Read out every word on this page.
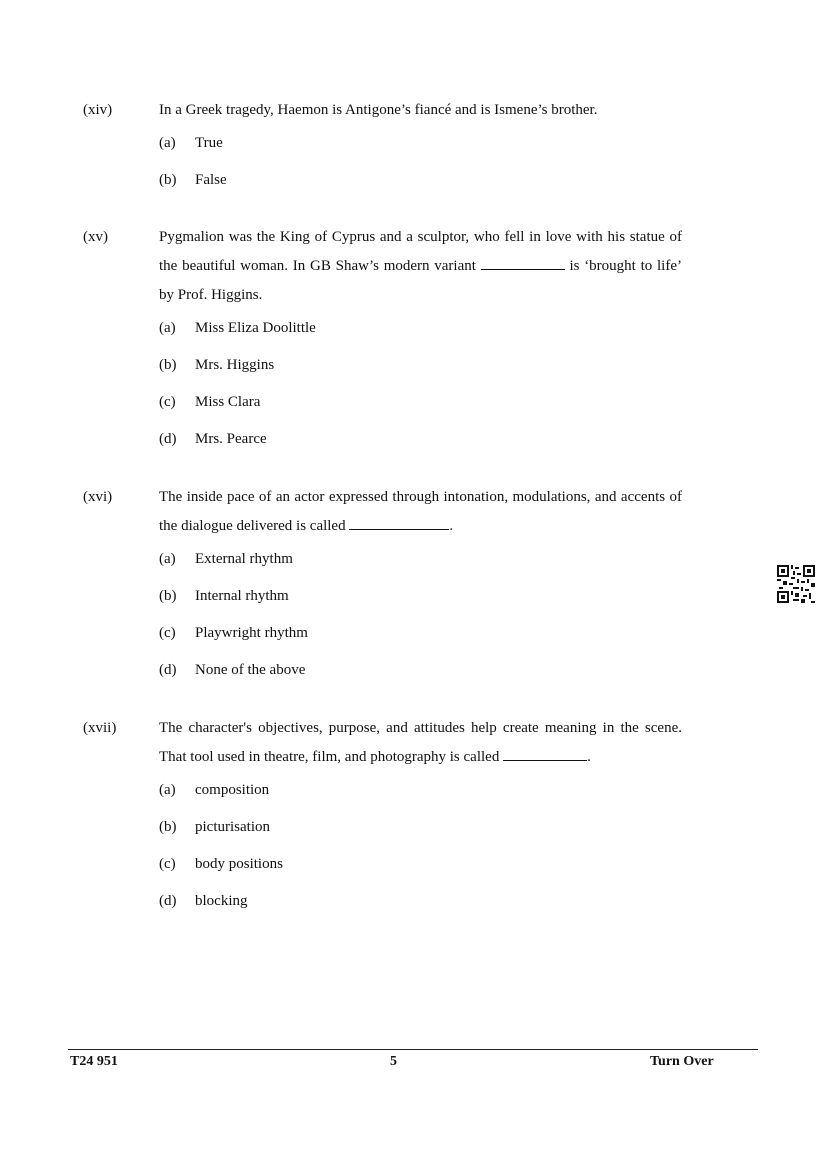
(xiv)	In a Greek tragedy, Haemon is Antigone’s fiancé and is Ismene’s brother.
(a)	True
(b)	False
(xv)	Pygmalion was the King of Cyprus and a sculptor, who fell in love with his statue of the beautiful woman. In GB Shaw’s modern variant	is ‘brought to life’ by Prof. Higgins.
(a)	Miss Eliza Doolittle
(b)	Mrs. Higgins
(c)	Miss Clara
(d)	Mrs. Pearce
(xvi)	The inside pace of an actor expressed through intonation, modulations, and accents of the dialogue delivered is called	.
(a)	External rhythm
(b)	Internal rhythm
(c)	Playwright rhythm
(d)	None of the above
(xvii)	The character's objectives, purpose, and attitudes help create meaning in the scene. That tool used in theatre, film, and photography is called	.
(a)	composition
(b)	picturisation
(c)	body positions
(d)	blocking
T24 951	5	Turn Over
